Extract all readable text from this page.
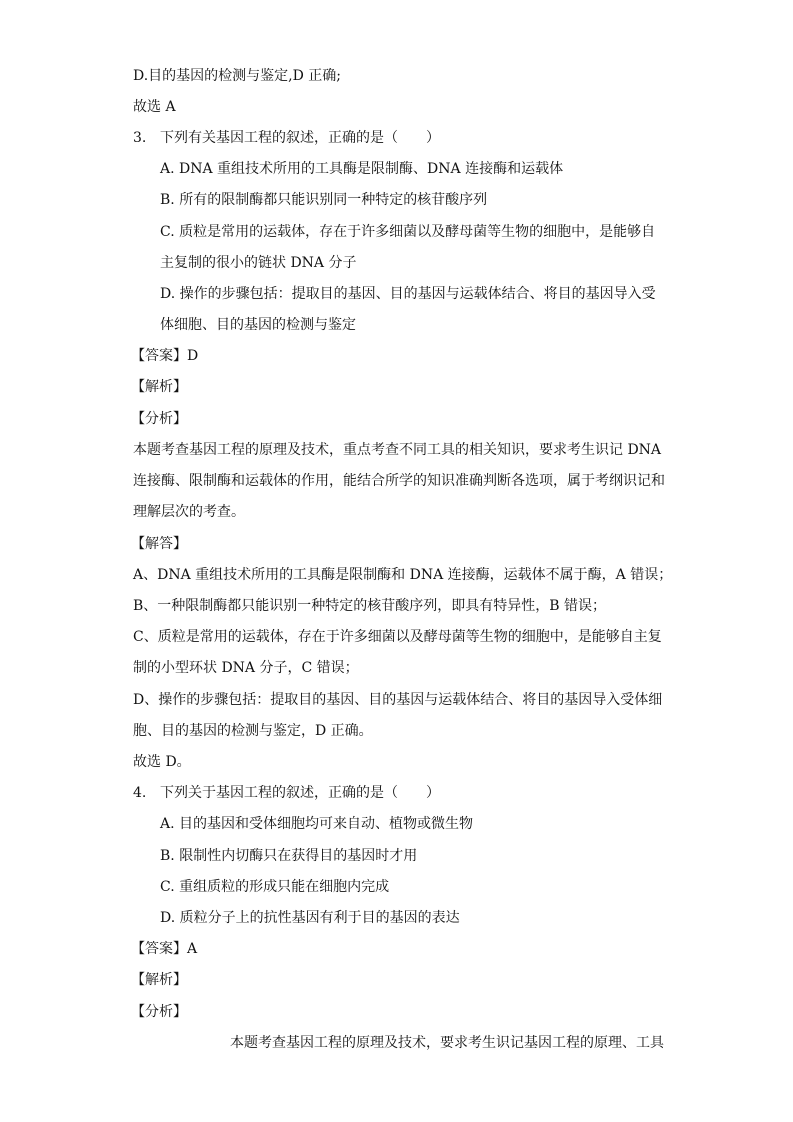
D.目的基因的检测与鉴定,D 正确;
故选 A
3. 下列有关基因工程的叙述，正确的是（　　）
A. DNA 重组技术所用的工具酶是限制酶、DNA 连接酶和运载体
B. 所有的限制酶都只能识别同一种特定的核苷酸序列
C. 质粒是常用的运载体，存在于许多细菌以及酵母菌等生物的细胞中，是能够自
主复制的很小的链状 DNA 分子
D. 操作的步骤包括：提取目的基因、目的基因与运载体结合、将目的基因导入受
体细胞、目的基因的检测与鉴定
【答案】D
【解析】
【分析】
本题考查基因工程的原理及技术，重点考查不同工具的相关知识，要求考生识记 DNA
连接酶、限制酶和运载体的作用，能结合所学的知识准确判断各选项，属于考纲识记和
理解层次的考查。
【解答】
A、DNA 重组技术所用的工具酶是限制酶和 DNA 连接酶，运载体不属于酶，A 错误；
B、一种限制酶都只能识别一种特定的核苷酸序列，即具有特异性，B 错误；
C、质粒是常用的运载体，存在于许多细菌以及酵母菌等生物的细胞中，是能够自主复
制的小型环状 DNA 分子，C 错误；
D、操作的步骤包括：提取目的基因、目的基因与运载体结合、将目的基因导入受体细
胞、目的基因的检测与鉴定，D 正确。
故选 D。
4. 下列关于基因工程的叙述，正确的是（　　）
A. 目的基因和受体细胞均可来自动、植物或微生物
B. 限制性内切酶只在获得目的基因时才用
C. 重组质粒的形成只能在细胞内完成
D. 质粒分子上的抗性基因有利于目的基因的表达
【答案】A
【解析】
【分析】
本题考查基因工程的原理及技术，要求考生识记基因工程的原理、工具
